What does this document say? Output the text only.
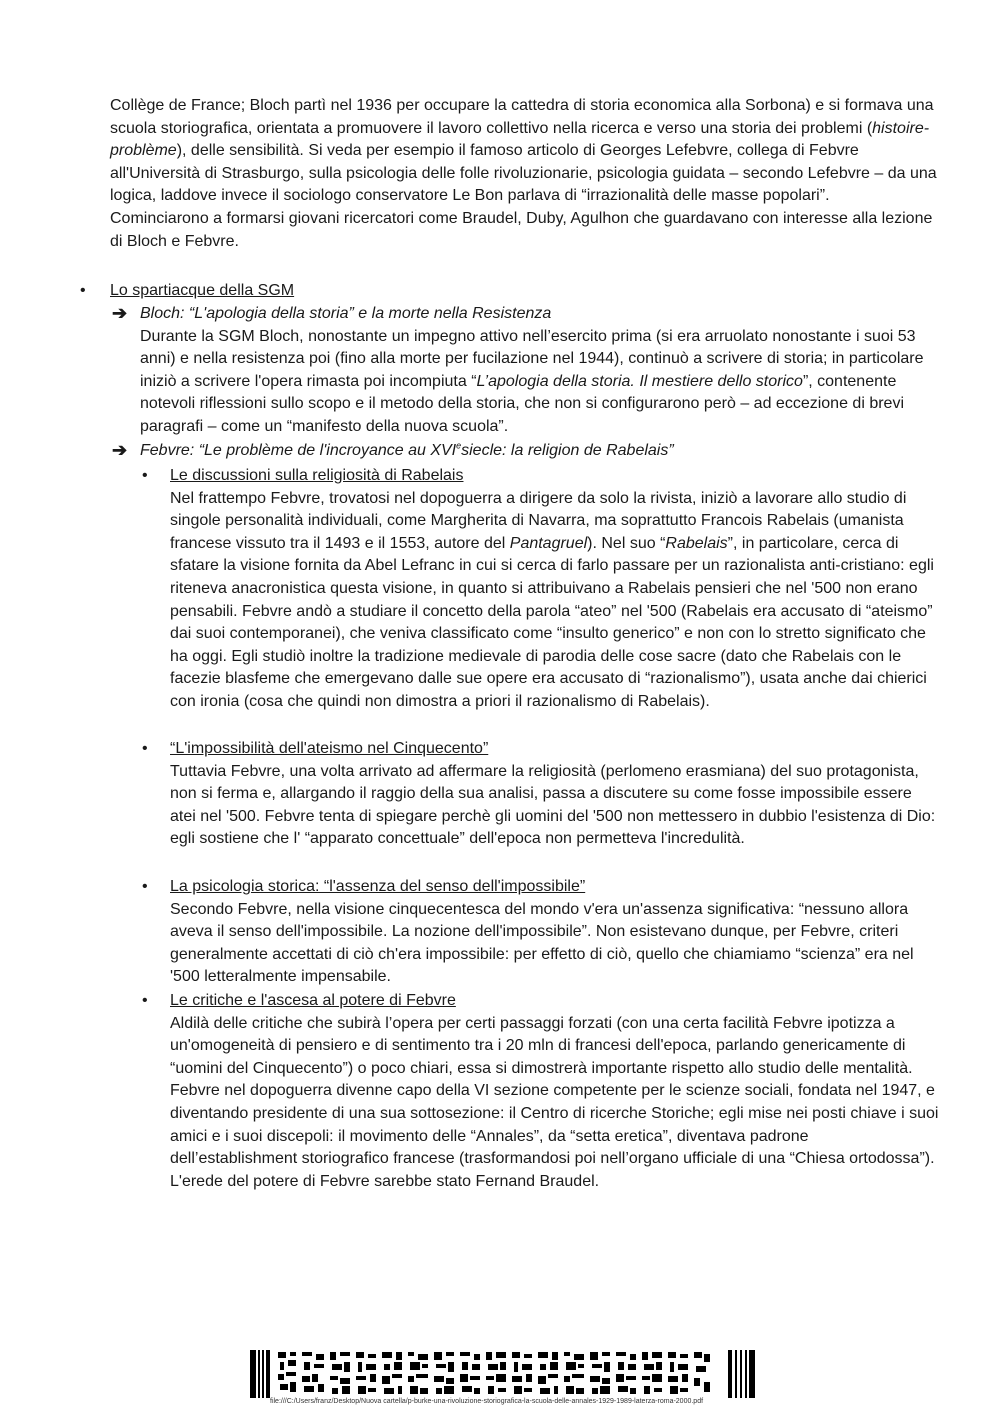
Collège de France; Bloch partì nel 1936 per occupare la cattedra di storia economica alla Sorbona) e si formava una scuola storiografica, orientata a promuovere il lavoro collettivo nella ricerca e verso una storia dei problemi (histoire-problème), delle sensibilità. Si veda per esempio il famoso articolo di Georges Lefebvre, collega di Febvre all'Università di Strasburgo, sulla psicologia delle folle rivoluzionarie, psicologia guidata – secondo Lefebvre – da una logica, laddove invece il sociologo conservatore Le Bon parlava di “irrazionalità delle masse popolari”.

Cominciarono a formarsi giovani ricercatori come Braudel, Duby, Agulhon che guardavano con interesse alla lezione di Bloch e Febvre.

• Lo spartiacque della SGM
➔ Bloch: “L'apologia della storia” e la morte nella Resistenza

Durante la SGM Bloch, nonostante un impegno attivo nell’esercito prima (si era arruolato nonostante i suoi 53 anni) e nella resistenza poi (fino alla morte per fucilazione nel 1944), continuò a scrivere di storia; in particolare iniziò a scrivere l'opera rimasta poi incompiuta “L’apologia della storia. Il mestiere dello storico”, contenente notevoli riflessioni sullo scopo e il metodo della storia, che non si configurarono però – ad eccezione di brevi paragrafi – come un “manifesto della nuova scuola”.

➔ Febvre: “Le problème de l'incroyance au XVIesiecle: la religion de Rabelais”
• Le discussioni sulla religiosità di Rabelais

Nel frattempo Febvre, trovatosi nel dopoguerra a dirigere da solo la rivista, iniziò a lavorare allo studio di singole personalità individuali, come Margherita di Navarra, ma soprattutto Francois Rabelais (umanista francese vissuto tra il 1493 e il 1553, autore del Pantagruel). Nel suo “Rabelais”, in particolare, cerca di sfatare la visione fornita da Abel Lefranc in cui si cerca di farlo passare per un razionalista anti-cristiano: egli riteneva anacronistica questa visione, in quanto si attribuivano a Rabelais pensieri che nel '500 non erano pensabili. Febvre andò a studiare il concetto della parola “ateo” nel '500 (Rabelais era accusato di “ateismo” dai suoi contemporanei), che veniva classificato come “insulto generico” e non con lo stretto significato che ha oggi. Egli studiò inoltre la tradizione medievale di parodia delle cose sacre (dato che Rabelais con le facezie blasfeme che emergevano dalle sue opere era accusato di “razionalismo”), usata anche dai chierici con ironia (cosa che quindi non dimostra a priori il razionalismo di Rabelais).

• “L'impossibilità dell'ateismo nel Cinquecento”

Tuttavia Febvre, una volta arrivato ad affermare la religiosità (perlomeno erasmiana) del suo protagonista, non si ferma e, allargando il raggio della sua analisi, passa a discutere su come fosse impossibile essere atei nel '500. Febvre tenta di spiegare perchè gli uomini del '500 non mettessero in dubbio l'esistenza di Dio: egli sostiene che l' “apparato concettuale” dell'epoca non permetteva l'incredulità.

• La psicologia storica: “l'assenza del senso dell'impossibile”

Secondo Febvre, nella visione cinquecentesca del mondo v'era un'assenza significativa: “nessuno allora aveva il senso dell'impossibile. La nozione dell'impossibile”. Non esistevano dunque, per Febvre, criteri generalmente accettati di ciò ch'era impossibile: per effetto di ciò, quello che chiamiamo “scienza” era nel '500 letteralmente impensabile.

• Le critiche e l'ascesa al potere di Febvre

Aldilà delle critiche che subirà l’opera per certi passaggi forzati (con una certa facilità Febvre ipotizza a un'omogeneità di pensiero e di sentimento tra i 20 mln di francesi dell'epoca, parlando genericamente di “uomini del Cinquecento”) o poco chiari, essa si dimostrerà importante rispetto allo studio delle mentalità. Febvre nel dopoguerra divenne capo della VI sezione competente per le scienze sociali, fondata nel 1947, e diventando presidente di una sua sottosezione: il Centro di ricerche Storiche; egli mise nei posti chiave i suoi amici e i suoi discepoli: il movimento delle “Annales”, da “setta eretica”, diventava padrone dell’establishment storiografico francese (trasformandosi poi nell’organo ufficiale di una “Chiesa ortodossa”). L'erede del potere di Febvre sarebbe stato Fernand Braudel.

file:///C:/Users/franz/Desktop/Nuova cartella/p-burke-una-rivoluzione-storiografica-la-scuola-delle-annales-1929-1989-laterza-roma-2000.pdf
